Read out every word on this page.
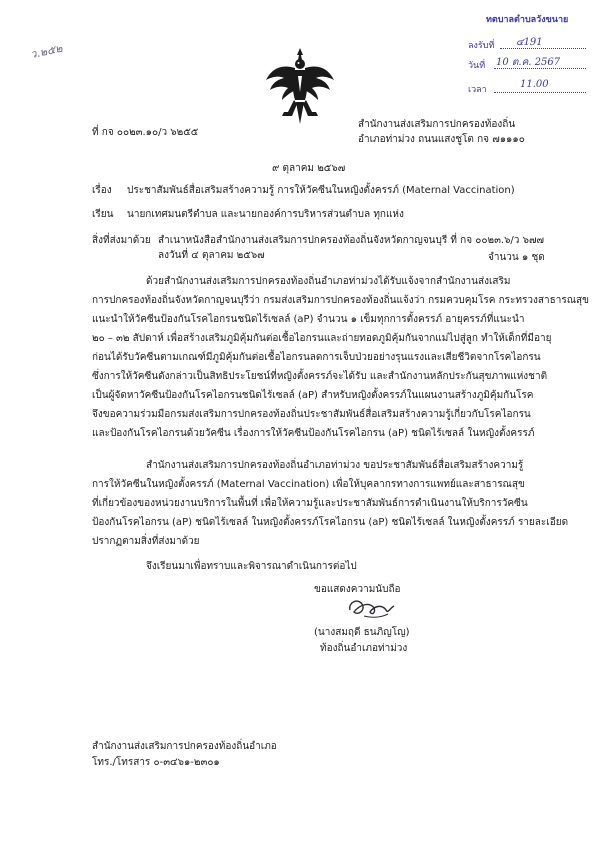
ว.๒๕๒
ทตบาลตำบลวังขนาย
ลงรับที่ ๔191
วันที่ 10 ต.ค. 2567
เวลา	11.00
ที่ กจ ๐๐๒๓.๑๐/ว ๖๒๕๕
สำนักงานส่งเสริมการปกครองท้องถิ่น
อำเภอท่าม่วง ถนนแสงชูโต กจ ๗๑๑๑๐
๙ ตุลาคม ๒๕๖๗
เรื่อง ประชาสัมพันธ์สื่อเสริมสร้างความรู้ การให้วัคซีนในหญิงตั้งครรภ์ (Maternal Vaccination)
เรียน นายกเทศมนตรีตำบล และนายกองค์การบริหารส่วนตำบล ทุกแห่ง
สิ่งที่ส่งมาด้วย สำเนาหนังสือสำนักงานส่งเสริมการปกครองท้องถิ่นจังหวัดกาญจนบุรี ที่ กจ ๐๐๒๓.๖/ว ๖๗๗
ลงวันที่ ๔ ตุลาคม ๒๕๖๗	จำนวน ๑ ชุด
ด้วยสำนักงานส่งเสริมการปกครองท้องถิ่นอำเภอท่าม่วงได้รับแจ้งจากสำนักงานส่งเสริม
การปกครองท้องถิ่นจังหวัดกาญจนบุรีว่า กรมส่งเสริมการปกครองท้องถิ่นแจ้งว่า กรมควบคุมโรค กระทรวงสาธารณสุข
แนะนำให้วัคซีนป้องกันโรคไอกรนชนิดไร้เซลล์ (aP) จำนวน ๑ เข็มทุกการตั้งครรภ์ อายุครรภ์ที่แนะนำ
๒๐ – ๓๒ สัปดาห์ เพื่อสร้างเสริมภูมิคุ้มกันต่อเชื้อไอกรนและถ่ายทอดภูมิคุ้มกันจากแม่ไปสู่ลูก ทำให้เด็กที่มีอายุ
ก่อนได้รับวัคซีนตามเกณฑ์มีภูมิคุ้มกันต่อเชื้อไอกรนลดการเจ็บป่วยอย่างรุนแรงและเสียชีวิตจากโรคไอกรน
ซึ่งการให้วัคซีนดังกล่าวเป็นสิทธิประโยชน์ที่หญิงตั้งครรภ์จะได้รับ และสำนักงานหลักประกันสุขภาพแห่งชาติ
เป็นผู้จัดหาวัคซีนป้องกันโรคไอกรนชนิดไร้เซลล์ (aP) สำหรับหญิงตั้งครรภ์ในแผนงานสร้างภูมิคุ้มกันโรค
จึงขอความร่วมมือกรมส่งเสริมการปกครองท้องถิ่นประชาสัมพันธ์สื่อเสริมสร้างความรู้เกี่ยวกับโรคไอกรน
และป้องกันโรคไอกรนด้วยวัคซีน เรื่องการให้วัคซีนป้องกันโรคไอกรน (aP) ชนิดไร้เซลล์ ในหญิงตั้งครรภ์
สำนักงานส่งเสริมการปกครองท้องถิ่นอำเภอท่าม่วง ขอประชาสัมพันธ์สื่อเสริมสร้างความรู้
การให้วัคซีนในหญิงตั้งครรภ์ (Maternal Vaccination) เพื่อให้บุคลากรทางการแพทย์และสาธารณสุข
ที่เกี่ยวข้องของหน่วยงานบริการในพื้นที่ เพื่อให้ความรู้และประชาสัมพันธ์การดำเนินงานให้บริการวัคซีน
ป้องกันโรคไอกรน (aP) ชนิดไร้เซลล์ ในหญิงตั้งครรภ์โรคไอกรน (aP) ชนิดไร้เซลล์ ในหญิงตั้งครรภ์ รายละเอียด
ปรากฏตามสิ่งที่ส่งมาด้วย
จึงเรียนมาเพื่อทราบและพิจารณาดำเนินการต่อไป
ขอแสดงความนับถือ
(นางสมฤดี ธนภิญโญ)
ท้องถิ่นอำเภอท่าม่วง
สำนักงานส่งเสริมการปกครองท้องถิ่นอำเภอ
โทร./โทรสาร ๐-๓๔๖๑-๒๓๐๑
